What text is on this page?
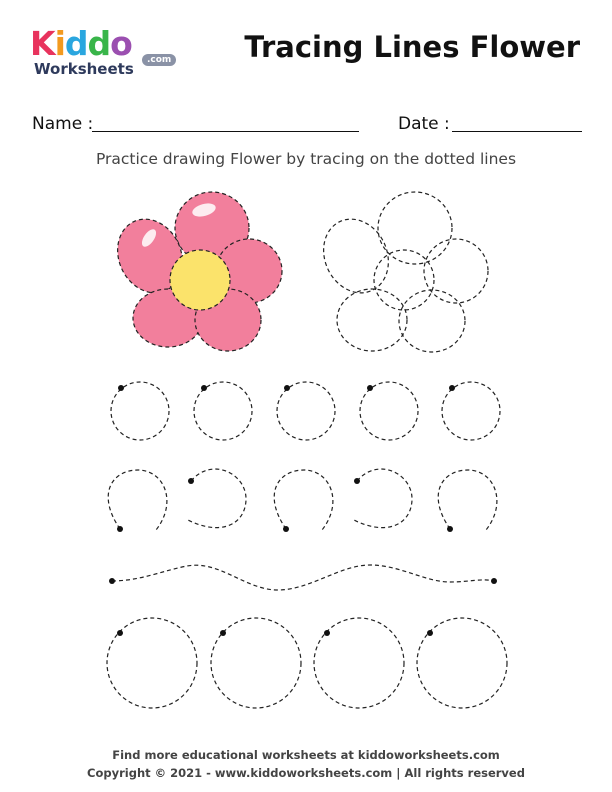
Kiddo
Worksheets	.com	Tracing Lines Flower
Name :	Date :
Practice drawing Flower by tracing on the dotted lines
Find more educational worksheets at kiddoworksheets.com
Copyright © 2021 - www.kiddoworksheets.com | All rights reserved
